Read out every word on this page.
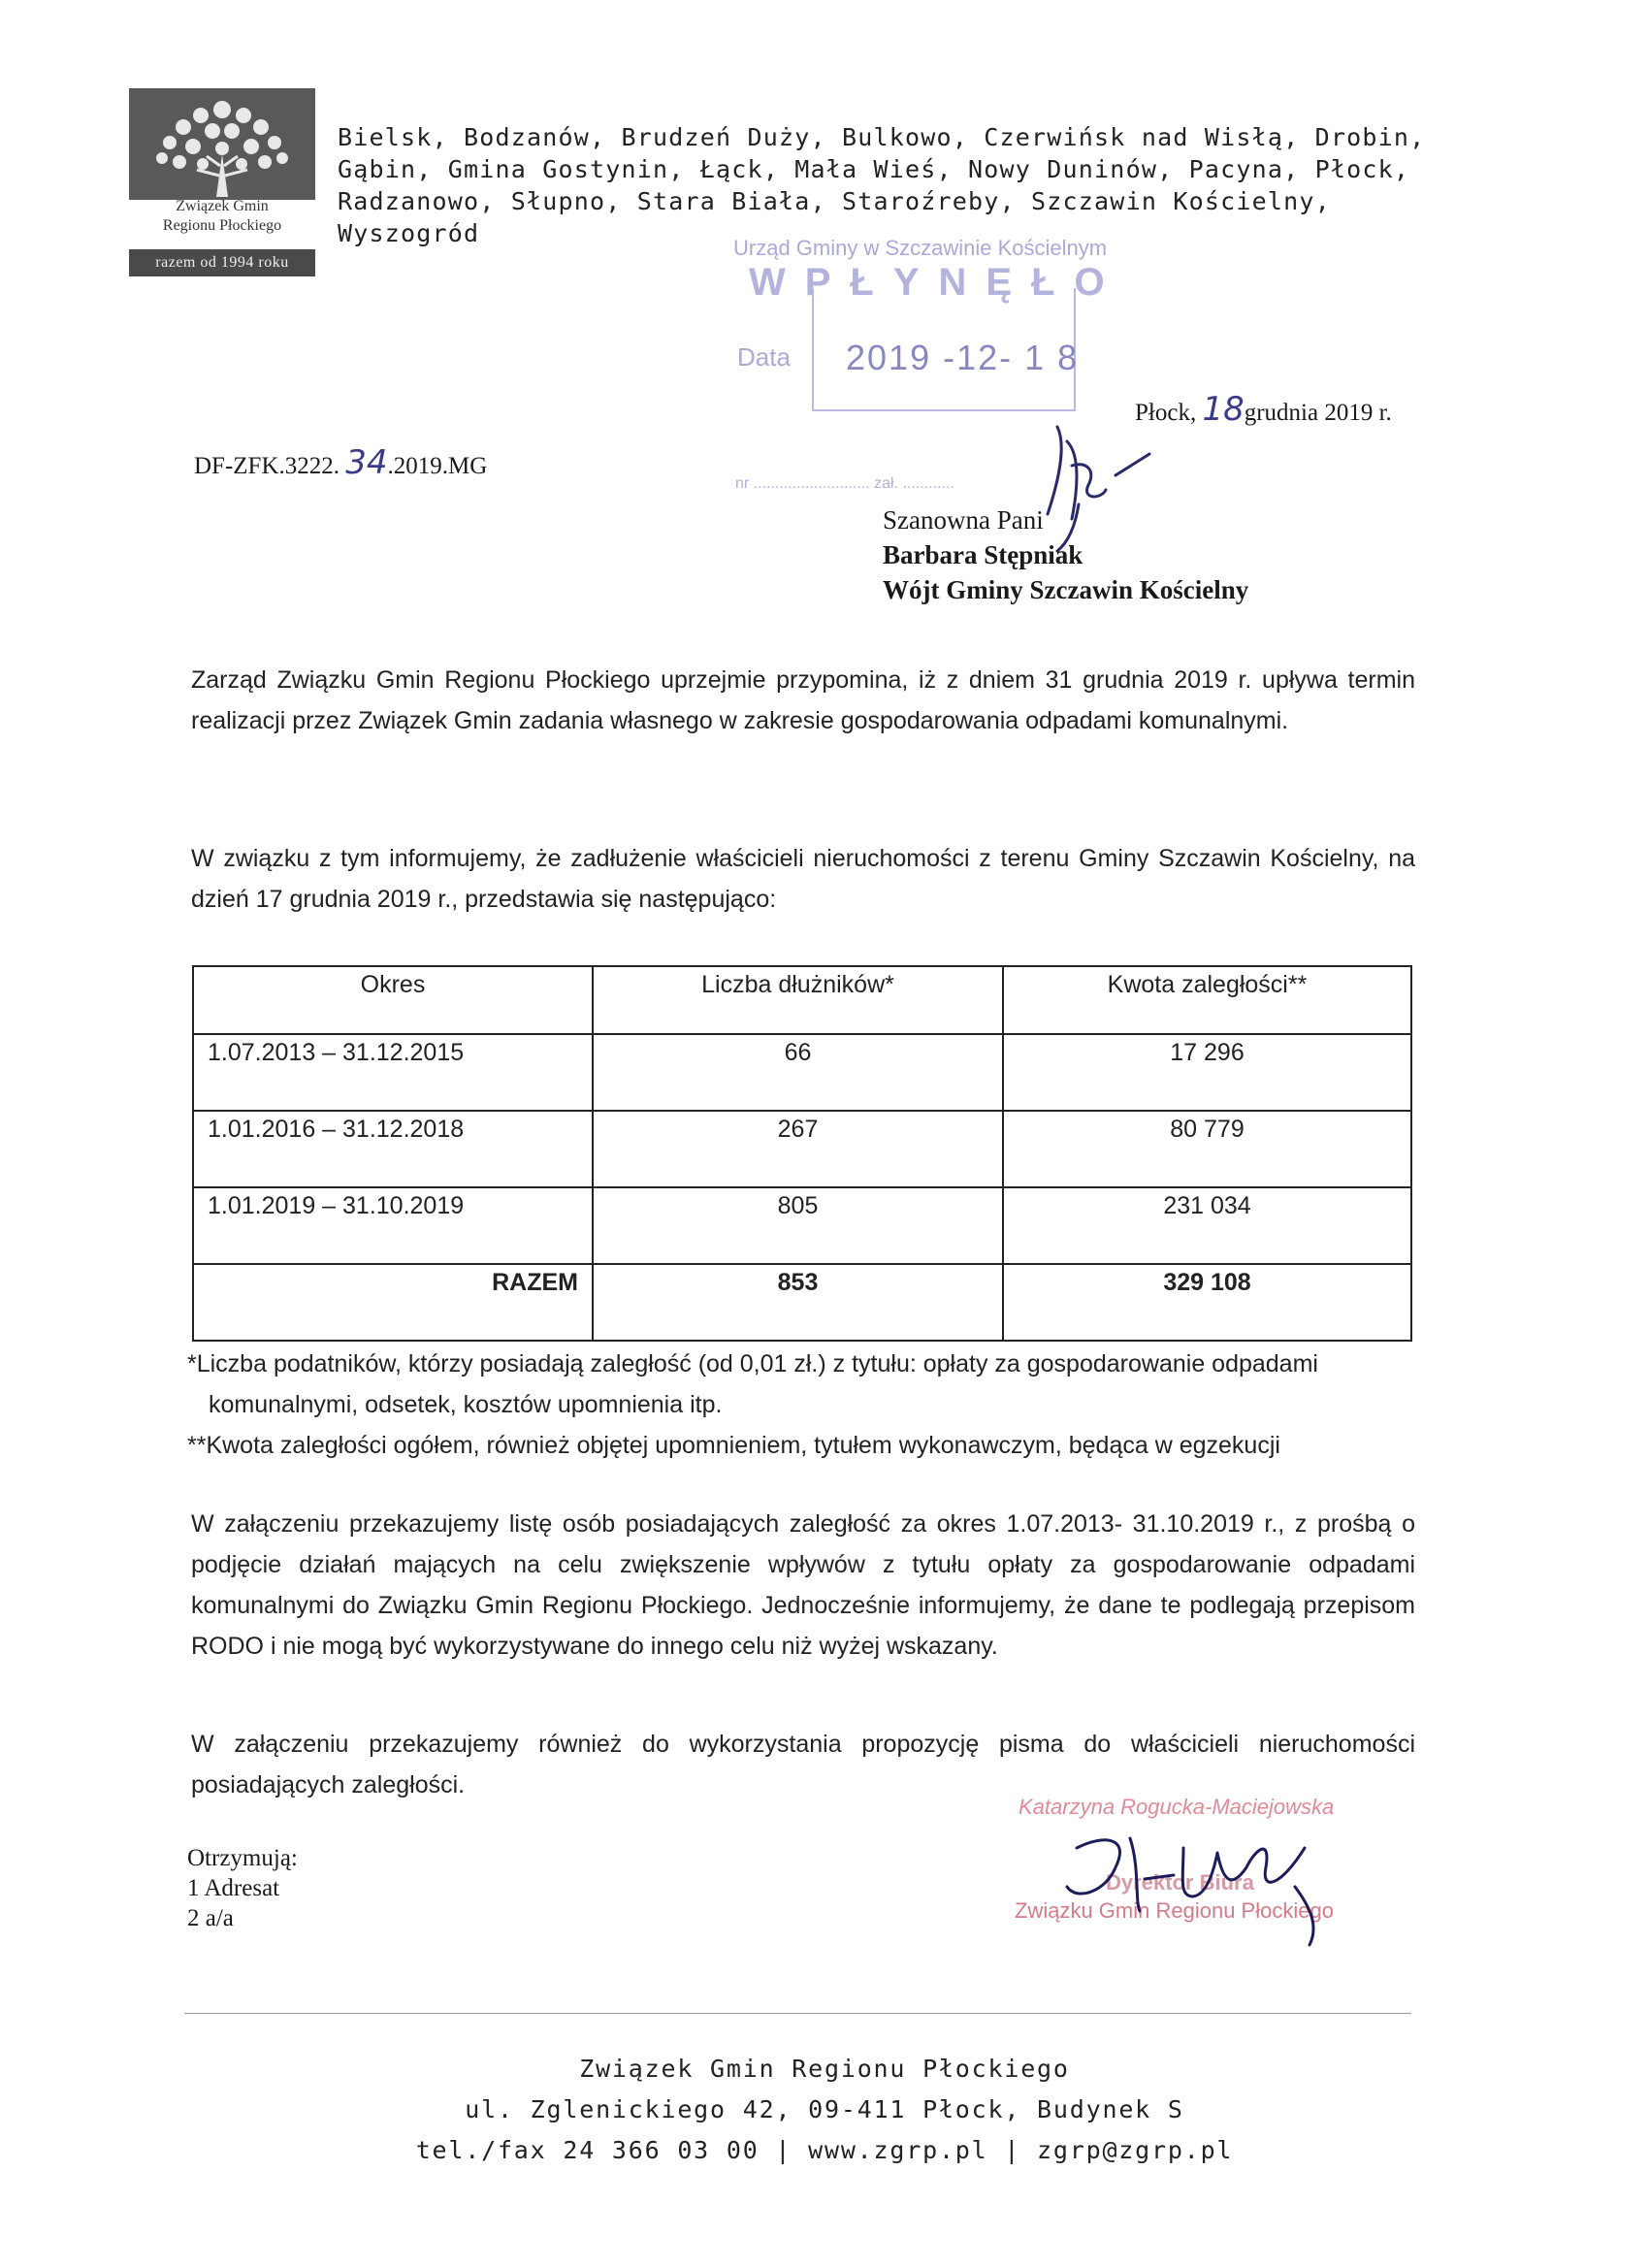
Związek Gmin
Regionu Płockiego
razem od 1994 roku
Bielsk, Bodzanów, Brudzeń Duży, Bulkowo, Czerwińsk nad Wisłą, Drobin,
Gąbin, Gmina Gostynin, Łąck, Mała Wieś, Nowy Duninów, Pacyna, Płock,
Radzanowo, Słupno, Stara Biała, Staroźreby, Szczawin Kościelny, Wyszogród
Urząd Gminy w Szczawinie Kościelnym
WPŁYNĘŁO
Data 2019 -12- 1 8
nr ........................... zał. ............
Płock, 18grudnia 2019 r.
DF-ZFK.3222. 34.2019.MG
Szanowna Pani
Barbara Stępniak
Wójt Gminy Szczawin Kościelny
Zarząd Związku Gmin Regionu Płockiego uprzejmie przypomina, iż z dniem 31 grudnia 2019 r. upływa termin realizacji przez Związek Gmin zadania własnego w zakresie gospodarowania odpadami komunalnymi.
W związku z tym informujemy, że zadłużenie właścicieli nieruchomości z terenu Gminy Szczawin Kościelny, na dzień 17 grudnia 2019 r., przedstawia się następująco:
Okres	Liczba dłużników*	Kwota zaległości**
1.07.2013 – 31.12.2015	66	17 296
1.01.2016 – 31.12.2018	267	80 779
1.01.2019 – 31.10.2019	805	231 034
RAZEM	853	329 108
*Liczba podatników, którzy posiadają zaległość (od 0,01 zł.) z tytułu: opłaty za gospodarowanie odpadami
komunalnymi, odsetek, kosztów upomnienia itp.
**Kwota zaległości ogółem, również objętej upomnieniem, tytułem wykonawczym, będąca w egzekucji
W załączeniu przekazujemy listę osób posiadających zaległość za okres 1.07.2013- 31.10.2019 r., z prośbą o podjęcie działań mających na celu zwiększenie wpływów z tytułu opłaty za gospodarowanie odpadami komunalnymi do Związku Gmin Regionu Płockiego. Jednocześnie informujemy, że dane te podlegają przepisom RODO i nie mogą być wykorzystywane do innego celu niż wyżej wskazany.
W załączeniu przekazujemy również do wykorzystania propozycję pisma do właścicieli nieruchomości posiadających zaległości.
Katarzyna Rogucka-Maciejowska
Dyrektor Biura
Związku Gmin Regionu Płockiego
Otrzymują:
1 Adresat
2 a/a
Związek Gmin Regionu Płockiego
ul. Zglenickiego 42, 09-411 Płock, Budynek S
tel./fax 24 366 03 00 | www.zgrp.pl | zgrp@zgrp.pl
